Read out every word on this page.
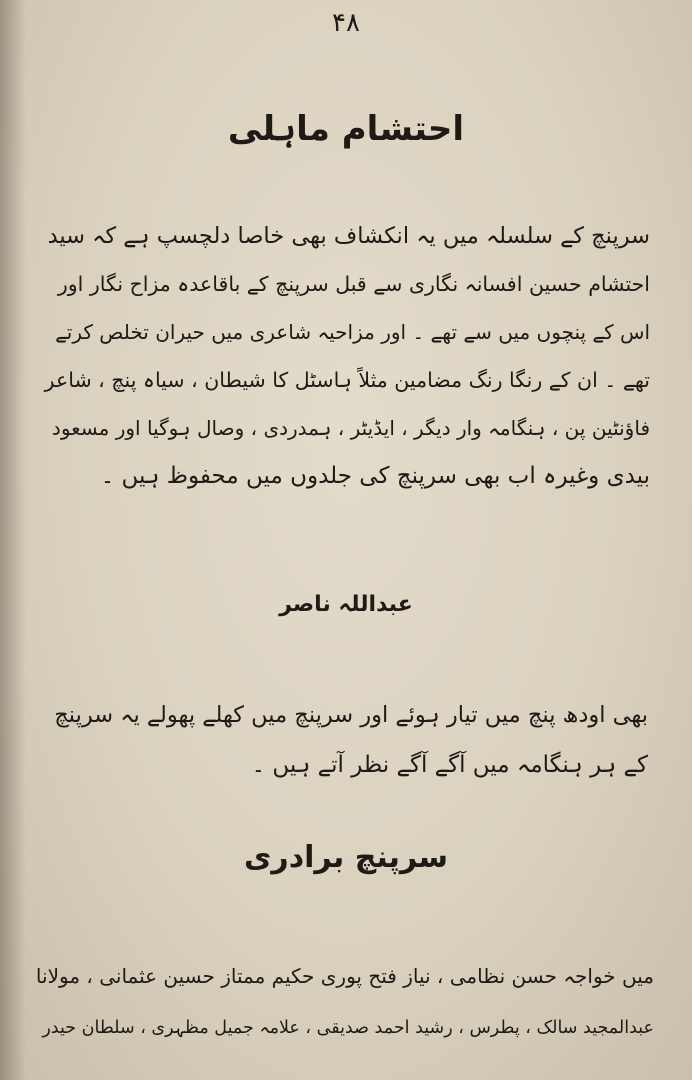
۴۸
احتشام ماہلی
سرپنچ کے سلسلہ میں یہ انکشاف بھی خاصا دلچسپ ہے کہ سید
احتشام حسین افسانہ نگاری سے قبل سرپنچ کے باقاعدہ مزاح نگار اور
اس کے پنچوں میں سے تھے ۔ اور مزاحیہ شاعری میں حیران تخلص کرتے
تھے ۔ ان کے رنگا رنگ مضامین مثلاً ہاسٹل کا شیطان ، سیاہ پنچ ، شاعر
فاؤنٹین پن ، ہنگامہ وار دیگر ، ایڈیٹر ، ہمدردی ، وصال ہوگیا اور مسعود
بیدی وغیرہ اب بھی سرپنچ کی جلدوں میں محفوظ ہیں ۔
عبداللہ ناصر
بھی اودھ پنچ میں تیار ہوئے اور سرپنچ میں کھلے پھولے یہ سرپنچ
کے ہر ہنگامہ میں آگے آگے نظر آتے ہیں ۔
سرپنچ برادری
میں خواجہ حسن نظامی ، نیاز فتح پوری حکیم ممتاز حسین عثمانی ، مولانا
عبدالمجید سالک ، پطرس ، رشید احمد صدیقی ، علامہ جمیل مظہری ، سلطان حیدر
